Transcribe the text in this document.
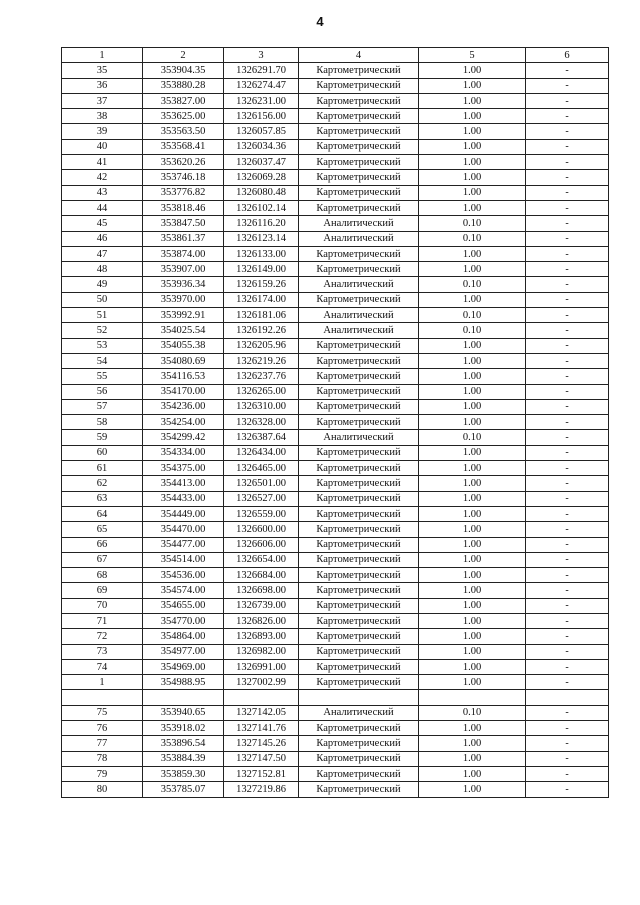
4
1	2	3	4	5	6
35	353904.35	1326291.70	Картометрический	1.00	-
36	353880.28	1326274.47	Картометрический	1.00	-
37	353827.00	1326231.00	Картометрический	1.00	-
38	353625.00	1326156.00	Картометрический	1.00	-
39	353563.50	1326057.85	Картометрический	1.00	-
40	353568.41	1326034.36	Картометрический	1.00	-
41	353620.26	1326037.47	Картометрический	1.00	-
42	353746.18	1326069.28	Картометрический	1.00	-
43	353776.82	1326080.48	Картометрический	1.00	-
44	353818.46	1326102.14	Картометрический	1.00	-
45	353847.50	1326116.20	Аналитический	0.10	-
46	353861.37	1326123.14	Аналитический	0.10	-
47	353874.00	1326133.00	Картометрический	1.00	-
48	353907.00	1326149.00	Картометрический	1.00	-
49	353936.34	1326159.26	Аналитический	0.10	-
50	353970.00	1326174.00	Картометрический	1.00	-
51	353992.91	1326181.06	Аналитический	0.10	-
52	354025.54	1326192.26	Аналитический	0.10	-
53	354055.38	1326205.96	Картометрический	1.00	-
54	354080.69	1326219.26	Картометрический	1.00	-
55	354116.53	1326237.76	Картометрический	1.00	-
56	354170.00	1326265.00	Картометрический	1.00	-
57	354236.00	1326310.00	Картометрический	1.00	-
58	354254.00	1326328.00	Картометрический	1.00	-
59	354299.42	1326387.64	Аналитический	0.10	-
60	354334.00	1326434.00	Картометрический	1.00	-
61	354375.00	1326465.00	Картометрический	1.00	-
62	354413.00	1326501.00	Картометрический	1.00	-
63	354433.00	1326527.00	Картометрический	1.00	-
64	354449.00	1326559.00	Картометрический	1.00	-
65	354470.00	1326600.00	Картометрический	1.00	-
66	354477.00	1326606.00	Картометрический	1.00	-
67	354514.00	1326654.00	Картометрический	1.00	-
68	354536.00	1326684.00	Картометрический	1.00	-
69	354574.00	1326698.00	Картометрический	1.00	-
70	354655.00	1326739.00	Картометрический	1.00	-
71	354770.00	1326826.00	Картометрический	1.00	-
72	354864.00	1326893.00	Картометрический	1.00	-
73	354977.00	1326982.00	Картометрический	1.00	-
74	354969.00	1326991.00	Картометрический	1.00	-
1	354988.95	1327002.99	Картометрический	1.00	-

75	353940.65	1327142.05	Аналитический	0.10	-
76	353918.02	1327141.76	Картометрический	1.00	-
77	353896.54	1327145.26	Картометрический	1.00	-
78	353884.39	1327147.50	Картометрический	1.00	-
79	353859.30	1327152.81	Картометрический	1.00	-
80	353785.07	1327219.86	Картометрический	1.00	-
